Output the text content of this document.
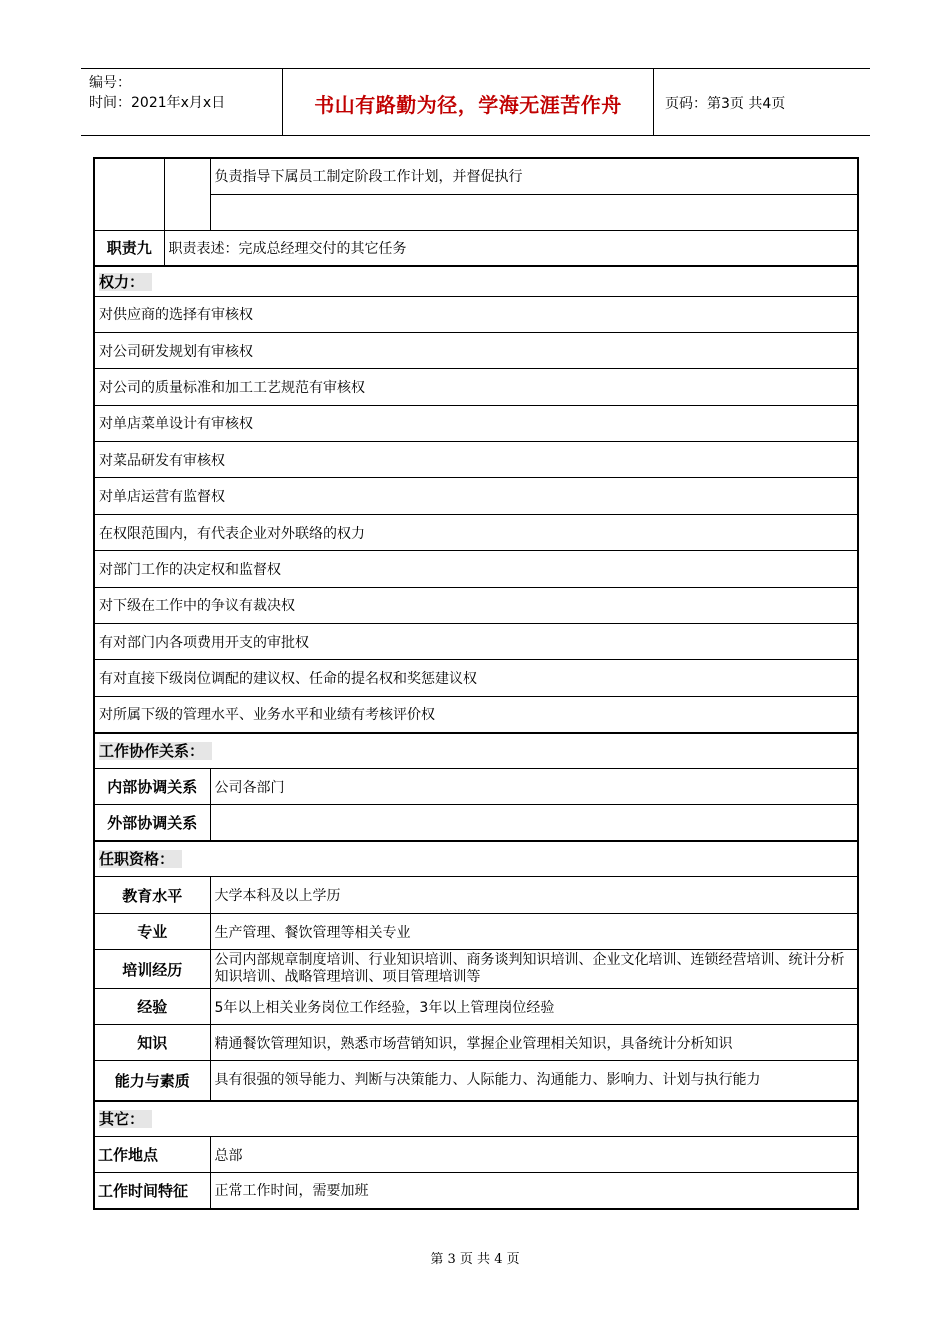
编号：
时间：2021年x月x日	书山有路勤为径，学海无涯苦作舟	页码：第3页 共4页
		负责指导下属员工制定阶段工作计划，并督促执行

职责九	职责表述：完成总经理交付的其它任务	
权力：		
对供应商的选择有审核权		
对公司研发规划有审核权		
对公司的质量标准和加工工艺规范有审核权		
对单店菜单设计有审核权		
对菜品研发有审核权		
对单店运营有监督权		
在权限范围内，有代表企业对外联络的权力		
对部门工作的决定权和监督权		
对下级在工作中的争议有裁决权		
有对部门内各项费用开支的审批权		
有对直接下级岗位调配的建议权、任命的提名权和奖惩建议权		
对所属下级的管理水平、业务水平和业绩有考核评价权		
工作协作关系：		
内部协调关系		公司各部门
外部协调关系		
任职资格：		
教育水平		大学本科及以上学历
专业		生产管理、餐饮管理等相关专业
培训经历		公司内部规章制度培训、行业知识培训、商务谈判知识培训、企业文化培训、连锁经营培训、统计分析知识培训、战略管理培训、项目管理培训等
经验		5年以上相关业务岗位工作经验，3年以上管理岗位经验
知识		精通餐饮管理知识，熟悉市场营销知识，掌握企业管理相关知识，具备统计分析知识
能力与素质		具有很强的领导能力、判断与决策能力、人际能力、沟通能力、影响力、计划与执行能力
其它：		
工作地点		总部
工作时间特征		正常工作时间，需要加班
第 3 页 共 4 页
